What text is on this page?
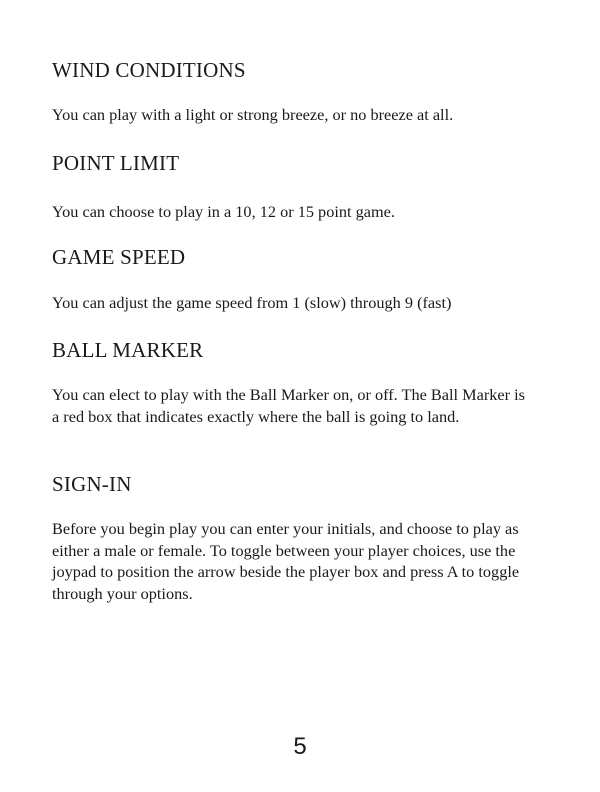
WIND CONDITIONS

You can play with a light or strong breeze, or no breeze at all.

POINT LIMIT

You can choose to play in a 10, 12 or 15 point game.

GAME SPEED

You can adjust the game speed from 1 (slow) through 9 (fast)

BALL MARKER

You can elect to play with the Ball Marker on, or off. The Ball Marker is a red box that indicates exactly where the ball is going to land.

SIGN-IN

Before you begin play you can enter your initials, and choose to play as either a male or female. To toggle between your player choices, use the joypad to position the arrow beside the player box and press A to toggle through your options.

5
